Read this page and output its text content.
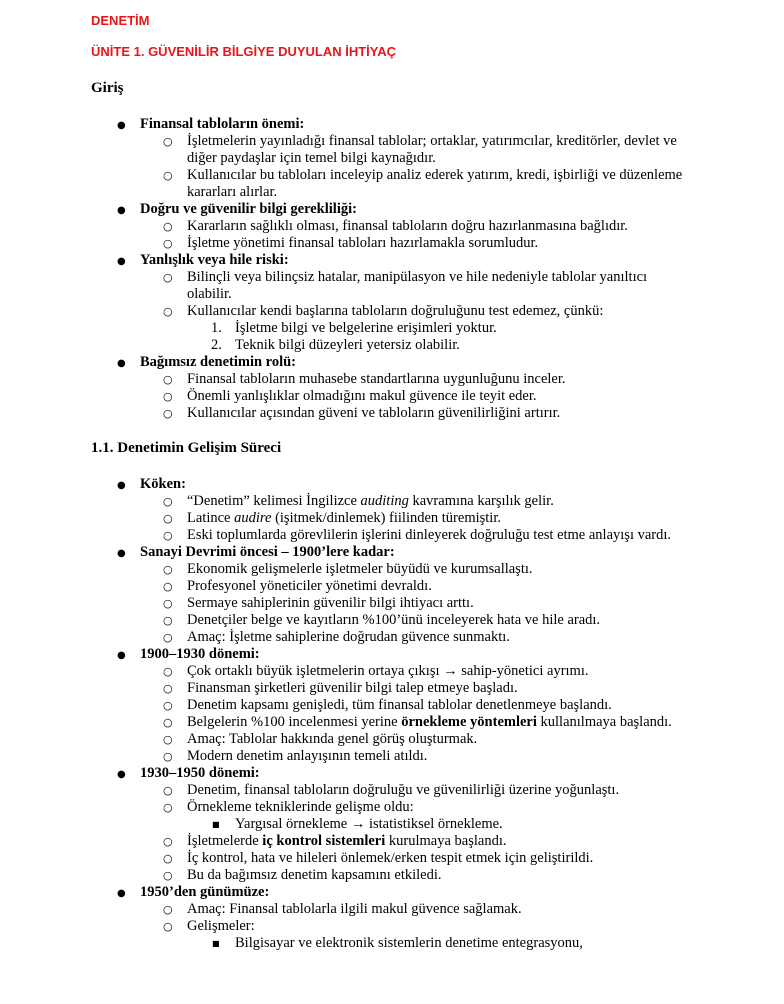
DENETİM

ÜNİTE 1. GÜVENİLİR BİLGİYE DUYULAN İHTİYAÇ

Giriş

● Finansal tabloların önemi:
○ İşletmelerin yayınladığı finansal tablolar; ortaklar, yatırımcılar, kreditörler, devlet ve
diğer paydaşlar için temel bilgi kaynağıdır.
○ Kullanıcılar bu tabloları inceleyip analiz ederek yatırım, kredi, işbirliği ve düzenleme
kararları alırlar.
● Doğru ve güvenilir bilgi gerekliliği:
○ Kararların sağlıklı olması, finansal tabloların doğru hazırlanmasına bağlıdır.
○ İşletme yönetimi finansal tabloları hazırlamakla sorumludur.
● Yanlışlık veya hile riski:
○ Bilinçli veya bilinçsiz hatalar, manipülasyon ve hile nedeniyle tablolar yanıltıcı
olabilir.
○ Kullanıcılar kendi başlarına tabloların doğruluğunu test edemez, çünkü:
1. İşletme bilgi ve belgelerine erişimleri yoktur.
2. Teknik bilgi düzeyleri yetersiz olabilir.
● Bağımsız denetimin rolü:
○ Finansal tabloların muhasebe standartlarına uygunluğunu inceler.
○ Önemli yanlışlıklar olmadığını makul güvence ile teyit eder.
○ Kullanıcılar açısından güveni ve tabloların güvenilirliğini artırır.

1.1. Denetimin Gelişim Süreci

● Köken:
○ “Denetim” kelimesi İngilizce auditing kavramına karşılık gelir.
○ Latince audire (işitmek/dinlemek) fiilinden türemiştir.
○ Eski toplumlarda görevlilerin işlerini dinleyerek doğruluğu test etme anlayışı vardı.
● Sanayi Devrimi öncesi – 1900’lere kadar:
○ Ekonomik gelişmelerle işletmeler büyüdü ve kurumsallaştı.
○ Profesyonel yöneticiler yönetimi devraldı.
○ Sermaye sahiplerinin güvenilir bilgi ihtiyacı arttı.
○ Denetçiler belge ve kayıtların %100’ünü inceleyerek hata ve hile aradı.
○ Amaç: İşletme sahiplerine doğrudan güvence sunmaktı.
● 1900–1930 dönemi:
○ Çok ortaklı büyük işletmelerin ortaya çıkışı → sahip-yönetici ayrımı.
○ Finansman şirketleri güvenilir bilgi talep etmeye başladı.
○ Denetim kapsamı genişledi, tüm finansal tablolar denetlenmeye başlandı.
○ Belgelerin %100 incelenmesi yerine örnekleme yöntemleri kullanılmaya başlandı.
○ Amaç: Tablolar hakkında genel görüş oluşturmak.
○ Modern denetim anlayışının temeli atıldı.
● 1930–1950 dönemi:
○ Denetim, finansal tabloların doğruluğu ve güvenilirliği üzerine yoğunlaştı.
○ Örnekleme tekniklerinde gelişme oldu:
■ Yargısal örnekleme → istatistiksel örnekleme.
○ İşletmelerde iç kontrol sistemleri kurulmaya başlandı.
○ İç kontrol, hata ve hileleri önlemek/erken tespit etmek için geliştirildi.
○ Bu da bağımsız denetim kapsamını etkiledi.
● 1950’den günümüze:
○ Amaç: Finansal tablolarla ilgili makul güvence sağlamak.
○ Gelişmeler:
■ Bilgisayar ve elektronik sistemlerin denetime entegrasyonu,
